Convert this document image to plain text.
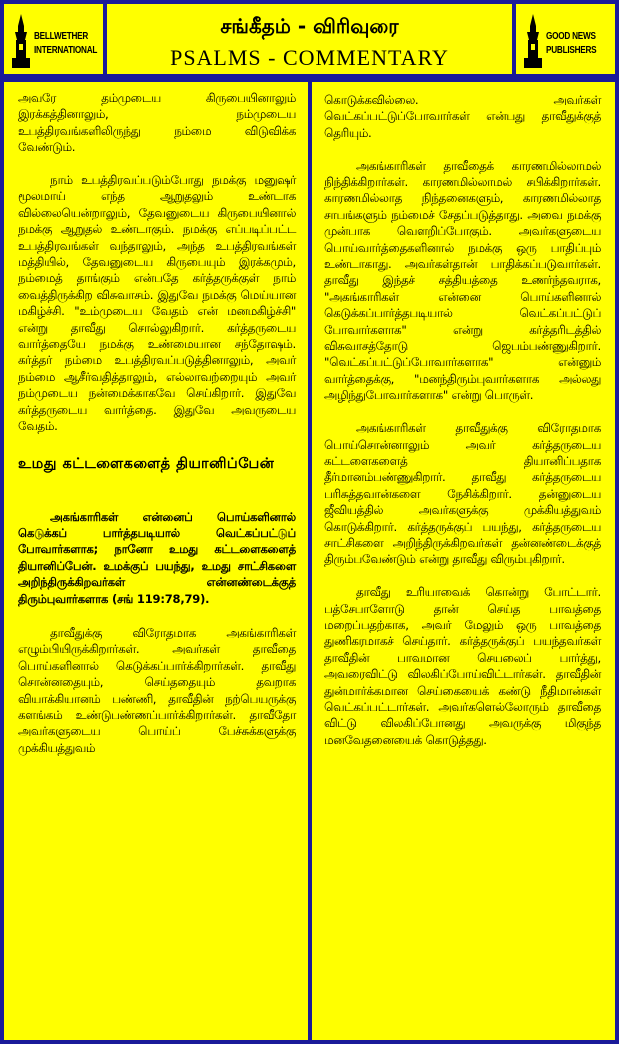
BELLWETHER
INTERNATIONAL
சங்கீதம் - விரிவுரை
PSALMS - COMMENTARY
GOOD NEWS
PUBLISHERS

அவரே தம்முடைய கிருபையினாலும் இரக்கத்தினாலும், நம்முடைய உபத்திரவங்களிலிருந்து நம்மை விடுவிக்க வேண்டும்.

நாம் உபத்திரவப்படும்போது நமக்கு மனுஷர் மூலமாய் எந்த ஆறுதலும் உண்டாக வில்லையென்றாலும், தேவனுடைய கிருபையினால் நமக்கு ஆறுதல் உண்டாகும். நமக்கு எப்படிப்பட்ட உபத்திரவங்கள் வந்தாலும், அந்த உபத்திரவங்கள் மத்தியில், தேவனுடைய கிருபையும் இரக்கமும், நம்மைத் தாங்கும் என்பதே கர்த்தருக்குள் நாம் வைத்திருக்கிற விசுவாசம். இதுவே நமக்கு மெய்யான மகிழ்ச்சி. "உம்முடைய வேதம் என் மனமகிழ்ச்சி" என்று தாவீது சொல்லுகிறார். கர்த்தருடைய வார்த்தையே நமக்கு உண்மையான சந்தோஷம். கர்த்தர் நம்மை உபத்திரவப்படுத்தினாலும், அவர் நம்மை ஆசீர்வதித்தாலும், எல்லாவற்றையும் அவர் நம்முடைய நன்மைக்காகவே செய்கிறார். இதுவே கர்த்தருடைய வார்த்தை. இதுவே அவருடைய வேதம்.

உமது கட்டளைகளைத் தியானிப்பேன்

அகங்காரிகள் என்னைப் பொய்களினால் கெடுக்கப் பார்த்தபடியால் வெட்கப்பட்டுப் போவார்களாக; நானோ உமது கட்டளைகளைத் தியானிப்பேன். உமக்குப் பயந்து, உமது சாட்சிகளை அறிந்திருக்கிறவர்கள் என்னண்டைக்குத் திரும்புவார்களாக (சங் 119:78,79).

தாவீதுக்கு விரோதமாக அகங்காரிகள் எழும்பியிருக்கிறார்கள். அவர்கள் தாவீதை பொய்களினால் கெடுக்கப்பார்க்கிறார்கள். தாவீது சொன்னதையும், செய்ததையும் தவறாக வியாக்கியானம் பண்ணி, தாவீதின் நற்பெயருக்கு களங்கம் உண்டுபண்ணப்பார்க்கிறார்கள். தாவீதோ அவர்களுடைய பொய்ப் பேச்சுக்களுக்கு முக்கியத்துவம்

கொடுக்கவில்லை. அவர்கள் வெட்கப்பட்டுப்போவார்கள் என்பது தாவீதுக்குத் தெரியும்.

அகங்காரிகள் தாவீதைக் காரணமில்லாமல் நிந்திக்கிறார்கள். காரணமில்லாமல் சபிக்கிறார்கள். காரணமில்லாத நிந்தனைகளும், காரணமில்லாத சாபங்களும் நம்மைச் சேதப்படுத்தாது. அவை நமக்கு முன்பாக வெளறிப்போகும். அவர்களுடைய பொய்வார்த்தைகளினால் நமக்கு ஒரு பாதிப்பும் உண்டாகாது. அவர்கள்தான் பாதிக்கப்படுவார்கள். தாவீது இந்தச் சத்தியத்தை உணர்ந்தவராக, "அகங்காரிகள் என்னை பொய்களினால் கெடுக்கப்பார்த்தபடியால் வெட்கப்பட்டுப் போவார்களாக" என்று கர்த்தரிடத்தில் விசுவாசத்தோடு ஜெபம்பண்ணுகிறார். "வெட்கப்பட்டுப்போவார்களாக" என்னும் வார்த்தைக்கு, "மனந்திரும்புவார்களாக அல்லது அழிந்துபோவார்களாக" என்று பொருள்.

அகங்காரிகள் தாவீதுக்கு விரோதமாக பொய்சொன்னாலும் அவர் கர்த்தருடைய கட்டளைகளைத் தியானிப்பதாக தீர்மானம்பண்ணுகிறார். தாவீது கர்த்தருடைய பரிசுத்தவான்களை நேசிக்கிறார். தன்னுடைய ஜீவியத்தில் அவர்களுக்கு முக்கியத்துவம் கொடுக்கிறார். கர்த்தருக்குப் பயந்து, கர்த்தருடைய சாட்சிகளை அறிந்திருக்கிறவர்கள் தன்னண்டைக்குத் திரும்பவேண்டும் என்று தாவீது விரும்புகிறார்.

தாவீது உரியாவைக் கொன்று போட்டார். பத்சேபாளோடு தான் செய்த பாவத்தை மறைப்பதற்காக, அவர் மேலும் ஒரு பாவத்தை துணிகரமாகச் செய்தார். கர்த்தருக்குப் பயந்தவர்கள் தாவீதின் பாவமான செயலைப் பார்த்து, அவரைவிட்டு விலகிப்போய்விட்டார்கள். தாவீதின் துன்மார்க்கமான செய்கையைக் கண்டு நீதிமான்கள் வெட்கப்பட்டார்கள். அவர்களெல்லோரும் தாவீதை விட்டு விலகிப்போனது அவருக்கு மிகுந்த மனவேதனையைக் கொடுத்தது.
